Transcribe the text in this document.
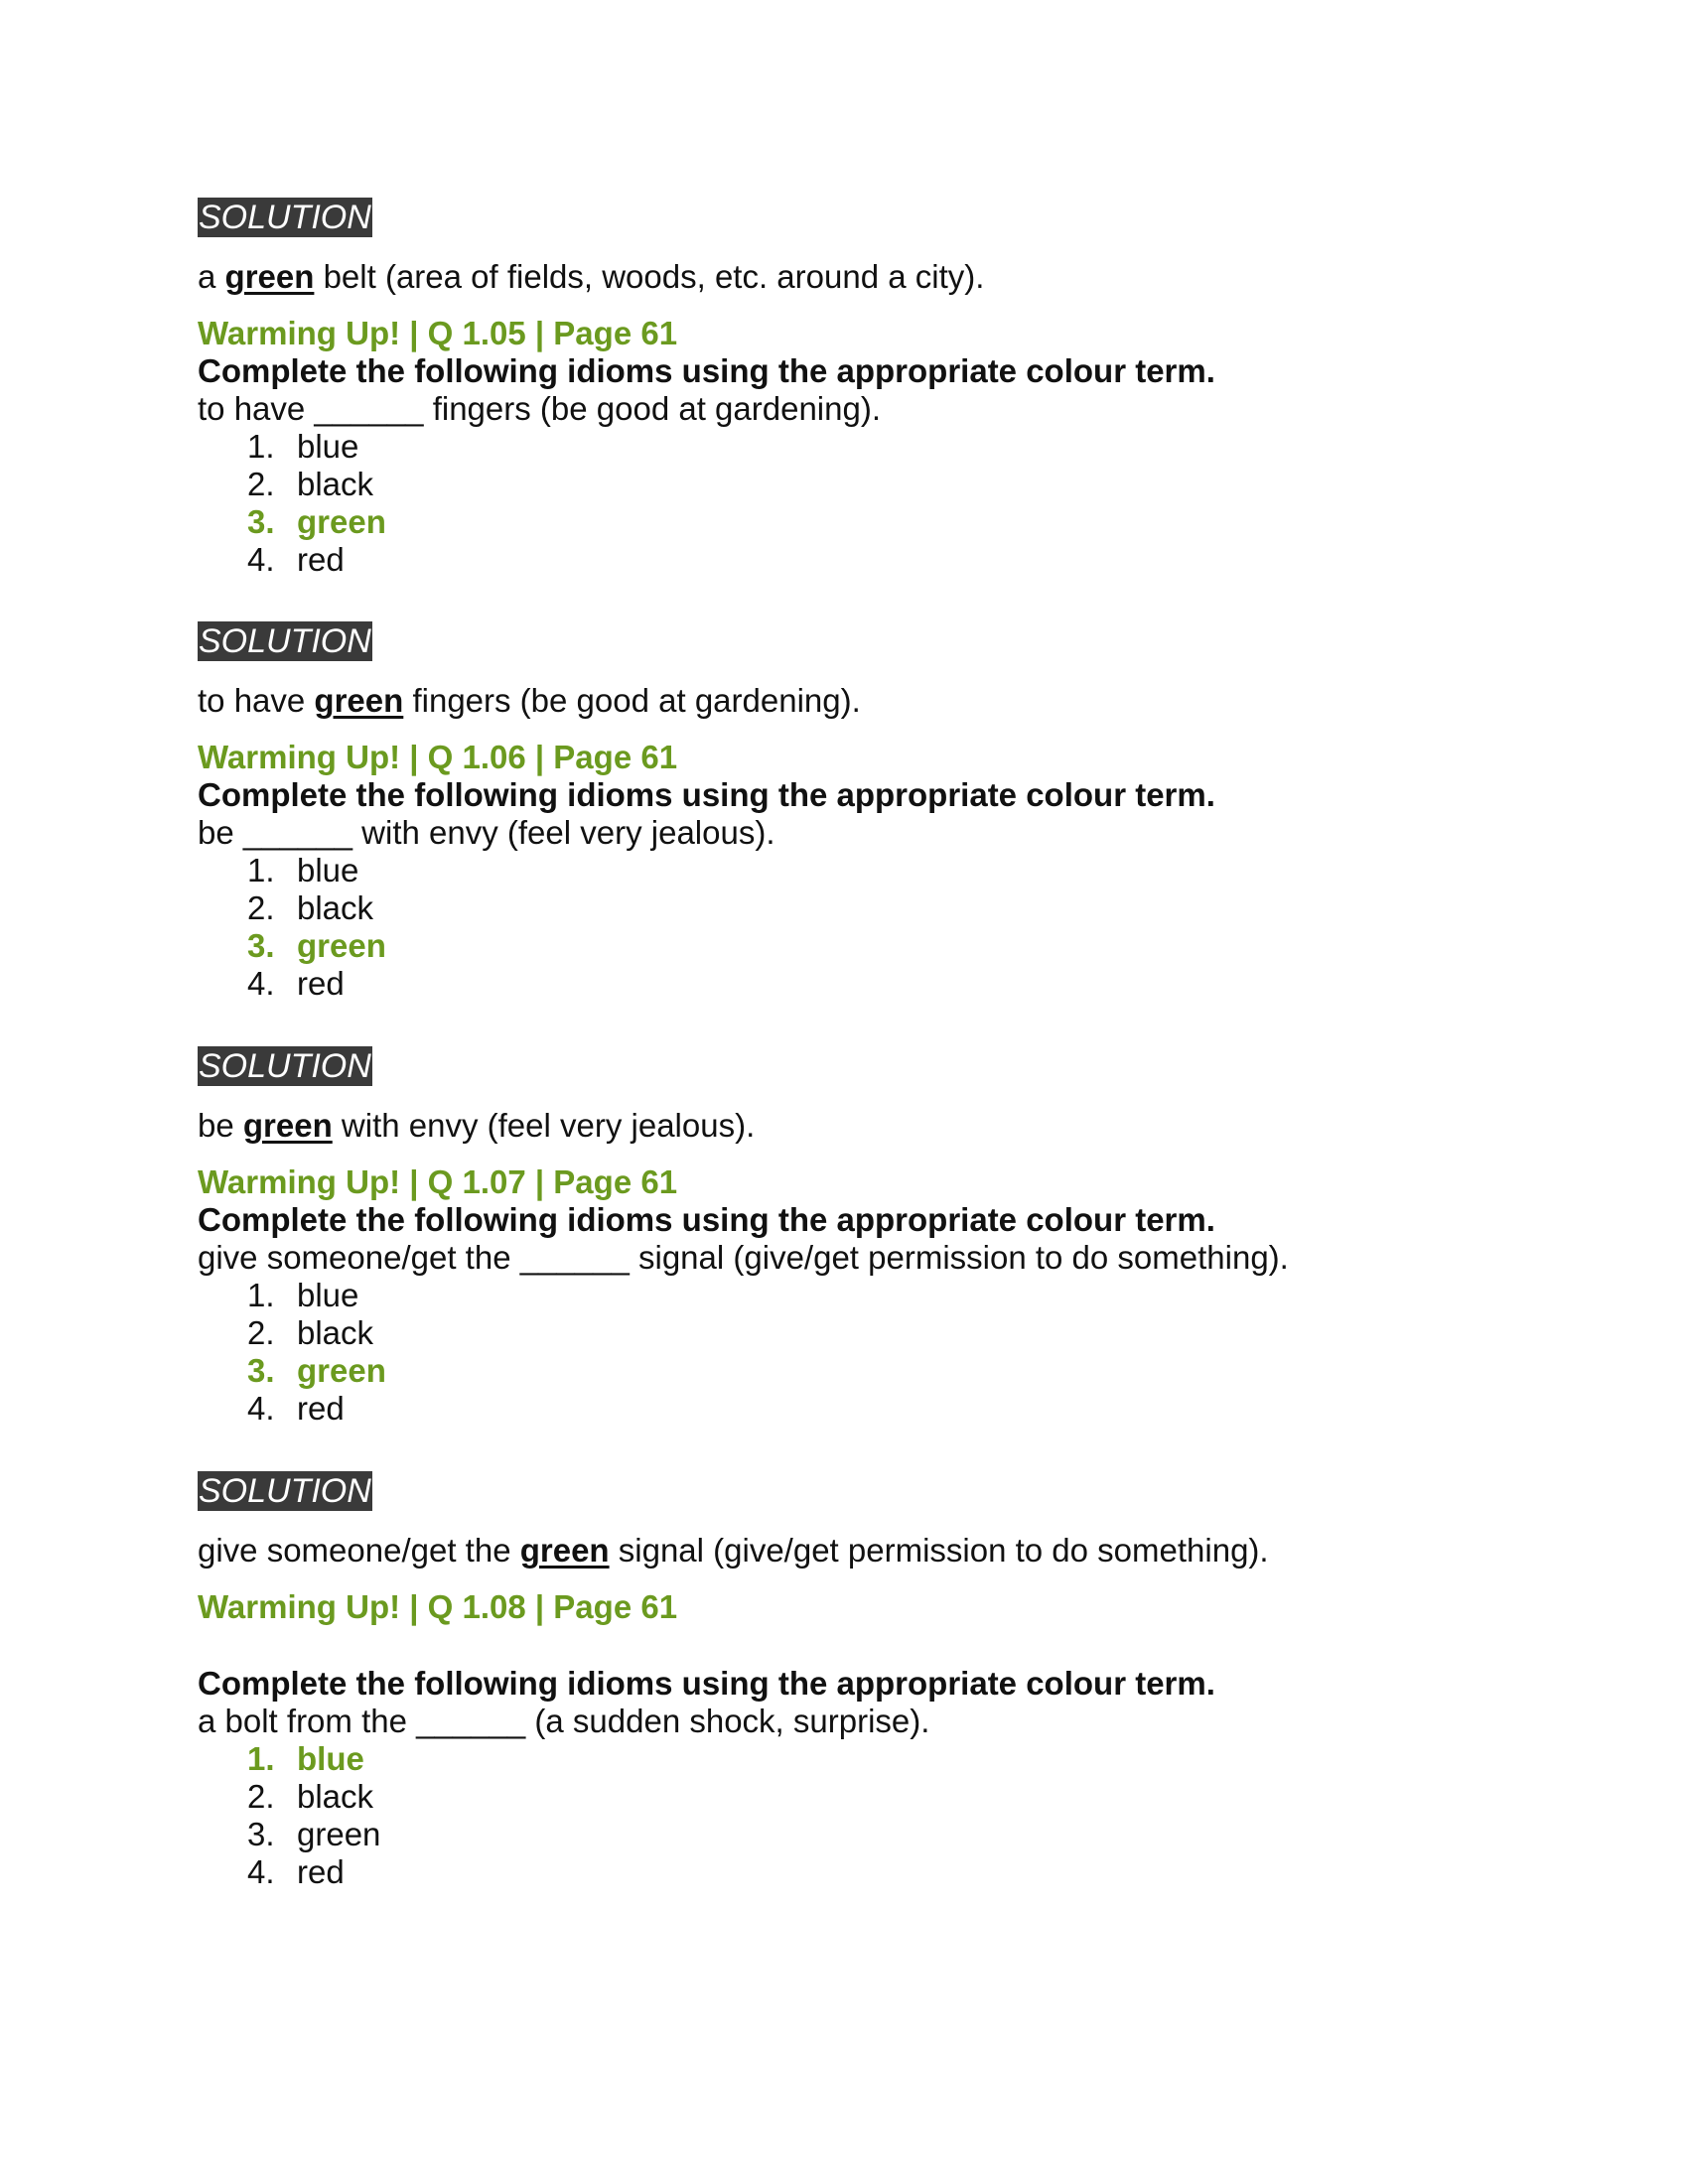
SOLUTION
a green belt (area of fields, woods, etc. around a city).
Warming Up! | Q 1.05 | Page 61
Complete the following idioms using the appropriate colour term.
to have ______ fingers (be good at gardening).
1. blue
2. black
3. green
4. red
SOLUTION
to have green fingers (be good at gardening).
Warming Up! | Q 1.06 | Page 61
Complete the following idioms using the appropriate colour term.
be ______ with envy (feel very jealous).
1. blue
2. black
3. green
4. red
SOLUTION
be green with envy (feel very jealous).
Warming Up! | Q 1.07 | Page 61
Complete the following idioms using the appropriate colour term.
give someone/get the ______ signal (give/get permission to do something).
1. blue
2. black
3. green
4. red
SOLUTION
give someone/get the green signal (give/get permission to do something).
Warming Up! | Q 1.08 | Page 61
Complete the following idioms using the appropriate colour term.
a bolt from the ______ (a sudden shock, surprise).
1. blue
2. black
3. green
4. red
